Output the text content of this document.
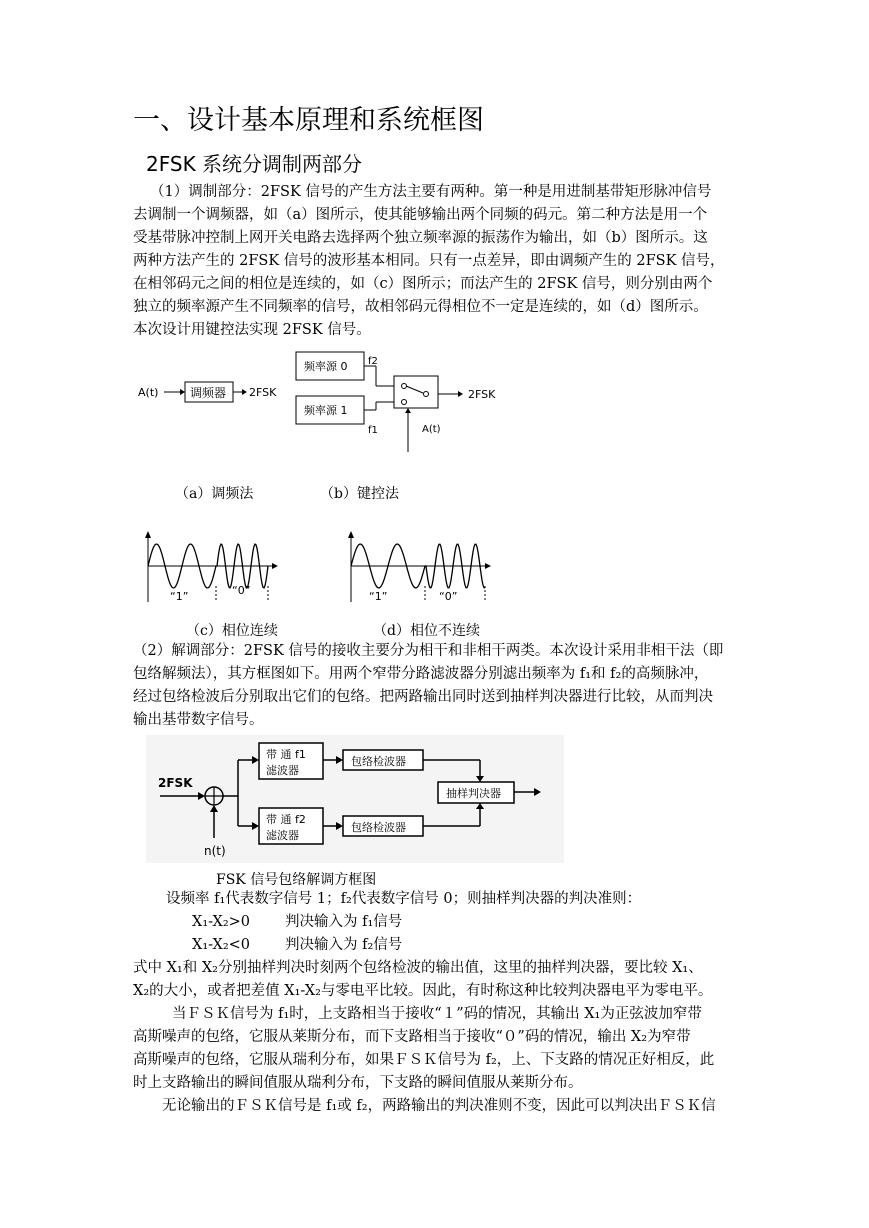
一、设计基本原理和系统框图
2FSK 系统分调制两部分
（1）调制部分：2FSK 信号的产生方法主要有两种。第一种是用进制基带矩形脉冲信号
去调制一个调频器，如（a）图所示，使其能够输出两个同频的码元。第二种方法是用一个
受基带脉冲控制上网开关电路去选择两个独立频率源的振荡作为输出，如（b）图所示。这
两种方法产生的 2FSK 信号的波形基本相同。只有一点差异，即由调频产生的 2FSK 信号，
在相邻码元之间的相位是连续的，如（c）图所示；而法产生的 2FSK 信号，则分别由两个
独立的频率源产生不同频率的信号，故相邻码元得相位不一定是连续的，如（d）图所示。
本次设计用键控法实现 2FSK 信号。
A(t)	调频器 2FSK
频率源 0
频率源 1
f2
f1
2FSK
A(t)
（a）调频法	（b）键控法
“1”	“0”	“1”	“0”
（c）相位连续	（d）相位不连续
（2）解调部分：2FSK 信号的接收主要分为相干和非相干两类。本次设计采用非相干法（即
包络解频法），其方框图如下。用两个窄带分路滤波器分别滤出频率为 f₁和 f₂的高频脉冲，
经过包络检波后分别取出它们的包络。把两路输出同时送到抽样判决器进行比较，从而判决
输出基带数字信号。
2FSK
n(t)
带 通 f1
滤波器
带 通 f2
滤波器
包络检波器
包络检波器
抽样判决器
FSK 信号包络解调方框图
设频率 f₁代表数字信号 1；f₂代表数字信号 0；则抽样判决器的判决准则：
X₁-X₂>0 判决输入为 f₁信号
X₁-X₂<0 判决输入为 f₂信号
式中 X₁和 X₂分别抽样判决时刻两个包络检波的输出值，这里的抽样判决器，要比较 X₁、
X₂的大小，或者把差值 X₁-X₂与零电平比较。因此，有时称这种比较判决器电平为零电平。
当ＦＳＫ信号为 f₁时，上支路相当于接收“１”码的情况，其输出 X₁为正弦波加窄带
高斯噪声的包络，它服从莱斯分布，而下支路相当于接收“０”码的情况，输出 X₂为窄带
高斯噪声的包络，它服从瑞利分布，如果ＦＳＫ信号为 f₂，上、下支路的情况正好相反，此
时上支路输出的瞬间值服从瑞利分布，下支路的瞬间值服从莱斯分布。
无论输出的ＦＳＫ信号是 f₁或 f₂，两路输出的判决准则不变，因此可以判决出ＦＳＫ信
